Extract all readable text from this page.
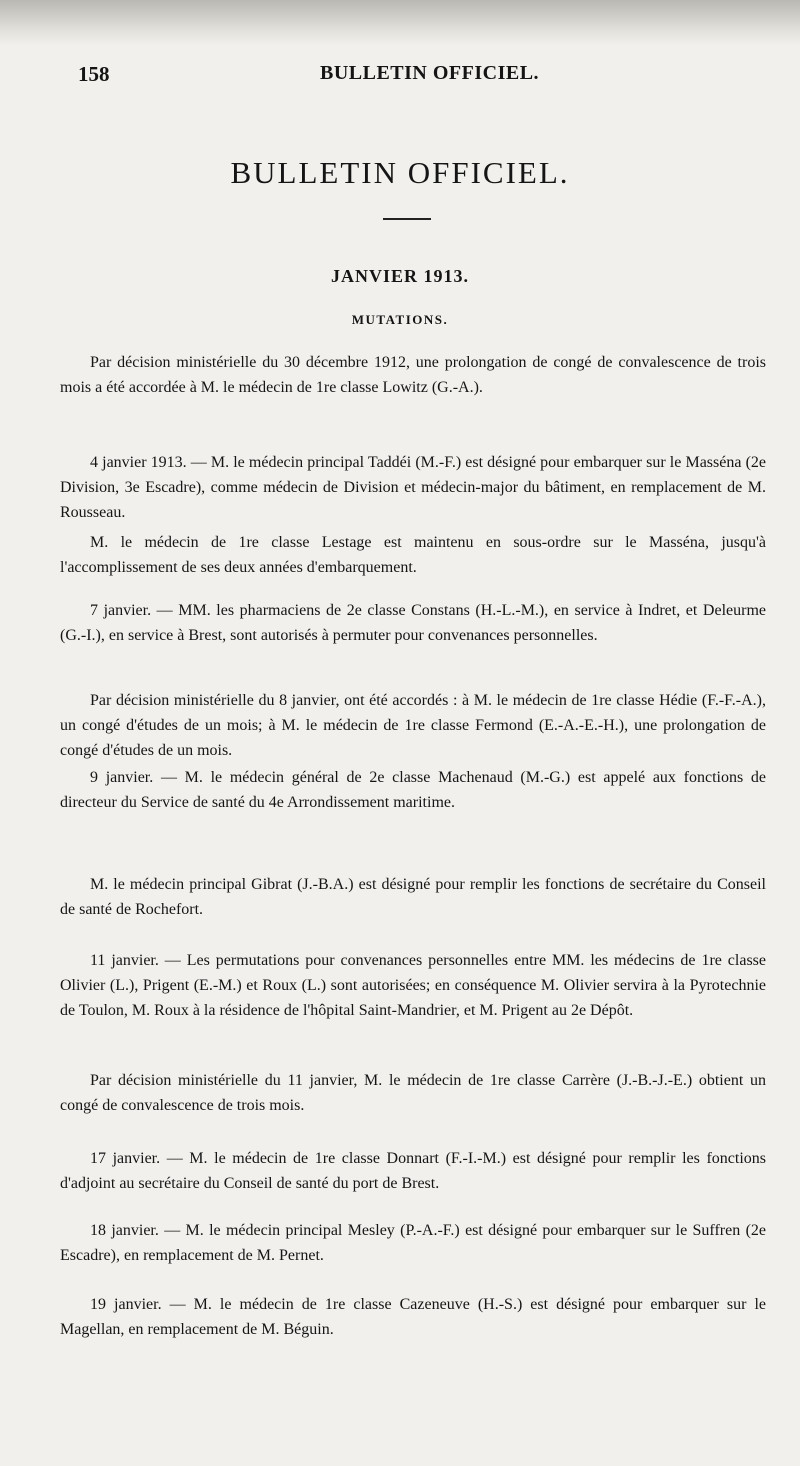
158	BULLETIN OFFICIEL.
BULLETIN OFFICIEL.
JANVIER 1913.
MUTATIONS.

Par décision ministérielle du 30 décembre 1912, une prolongation de congé de convalescence de trois mois a été accordée à M. le médecin de 1re classe Lowitz (G.-A.).

4 janvier 1913. — M. le médecin principal Taddéi (M.-F.) est désigné pour embarquer sur le Masséna (2e Division, 3e Escadre), comme médecin de Division et médecin-major du bâtiment, en remplacement de M. Rousseau.

M. le médecin de 1re classe Lestage est maintenu en sous-ordre sur le Masséna, jusqu'à l'accomplissement de ses deux années d'embarquement.

7 janvier. — MM. les pharmaciens de 2e classe Constans (H.-L.-M.), en service à Indret, et Deleurme (G.-I.), en service à Brest, sont autorisés à permuter pour convenances personnelles.

Par décision ministérielle du 8 janvier, ont été accordés : à M. le médecin de 1re classe Hédie (F.-F.-A.), un congé d'études de un mois; à M. le médecin de 1re classe Fermond (E.-A.-E.-H.), une prolongation de congé d'études de un mois.

9 janvier. — M. le médecin général de 2e classe Machenaud (M.-G.) est appelé aux fonctions de directeur du Service de santé du 4e Arrondissement maritime.

M. le médecin principal Gibrat (J.-B.A.) est désigné pour remplir les fonctions de secrétaire du Conseil de santé de Rochefort.

11 janvier. — Les permutations pour convenances personnelles entre MM. les médecins de 1re classe Olivier (L.), Prigent (E.-M.) et Roux (L.) sont autorisées; en conséquence M. Olivier servira à la Pyrotechnie de Toulon, M. Roux à la résidence de l'hôpital Saint-Mandrier, et M. Prigent au 2e Dépôt.

Par décision ministérielle du 11 janvier, M. le médecin de 1re classe Carrère (J.-B.-J.-E.) obtient un congé de convalescence de trois mois.

17 janvier. — M. le médecin de 1re classe Donnart (F.-I.-M.) est désigné pour remplir les fonctions d'adjoint au secrétaire du Conseil de santé du port de Brest.

18 janvier. — M. le médecin principal Mesley (P.-A.-F.) est désigné pour embarquer sur le Suffren (2e Escadre), en remplacement de M. Pernet.

19 janvier. — M. le médecin de 1re classe Cazeneuve (H.-S.) est désigné pour embarquer sur le Magellan, en remplacement de M. Béguin.
